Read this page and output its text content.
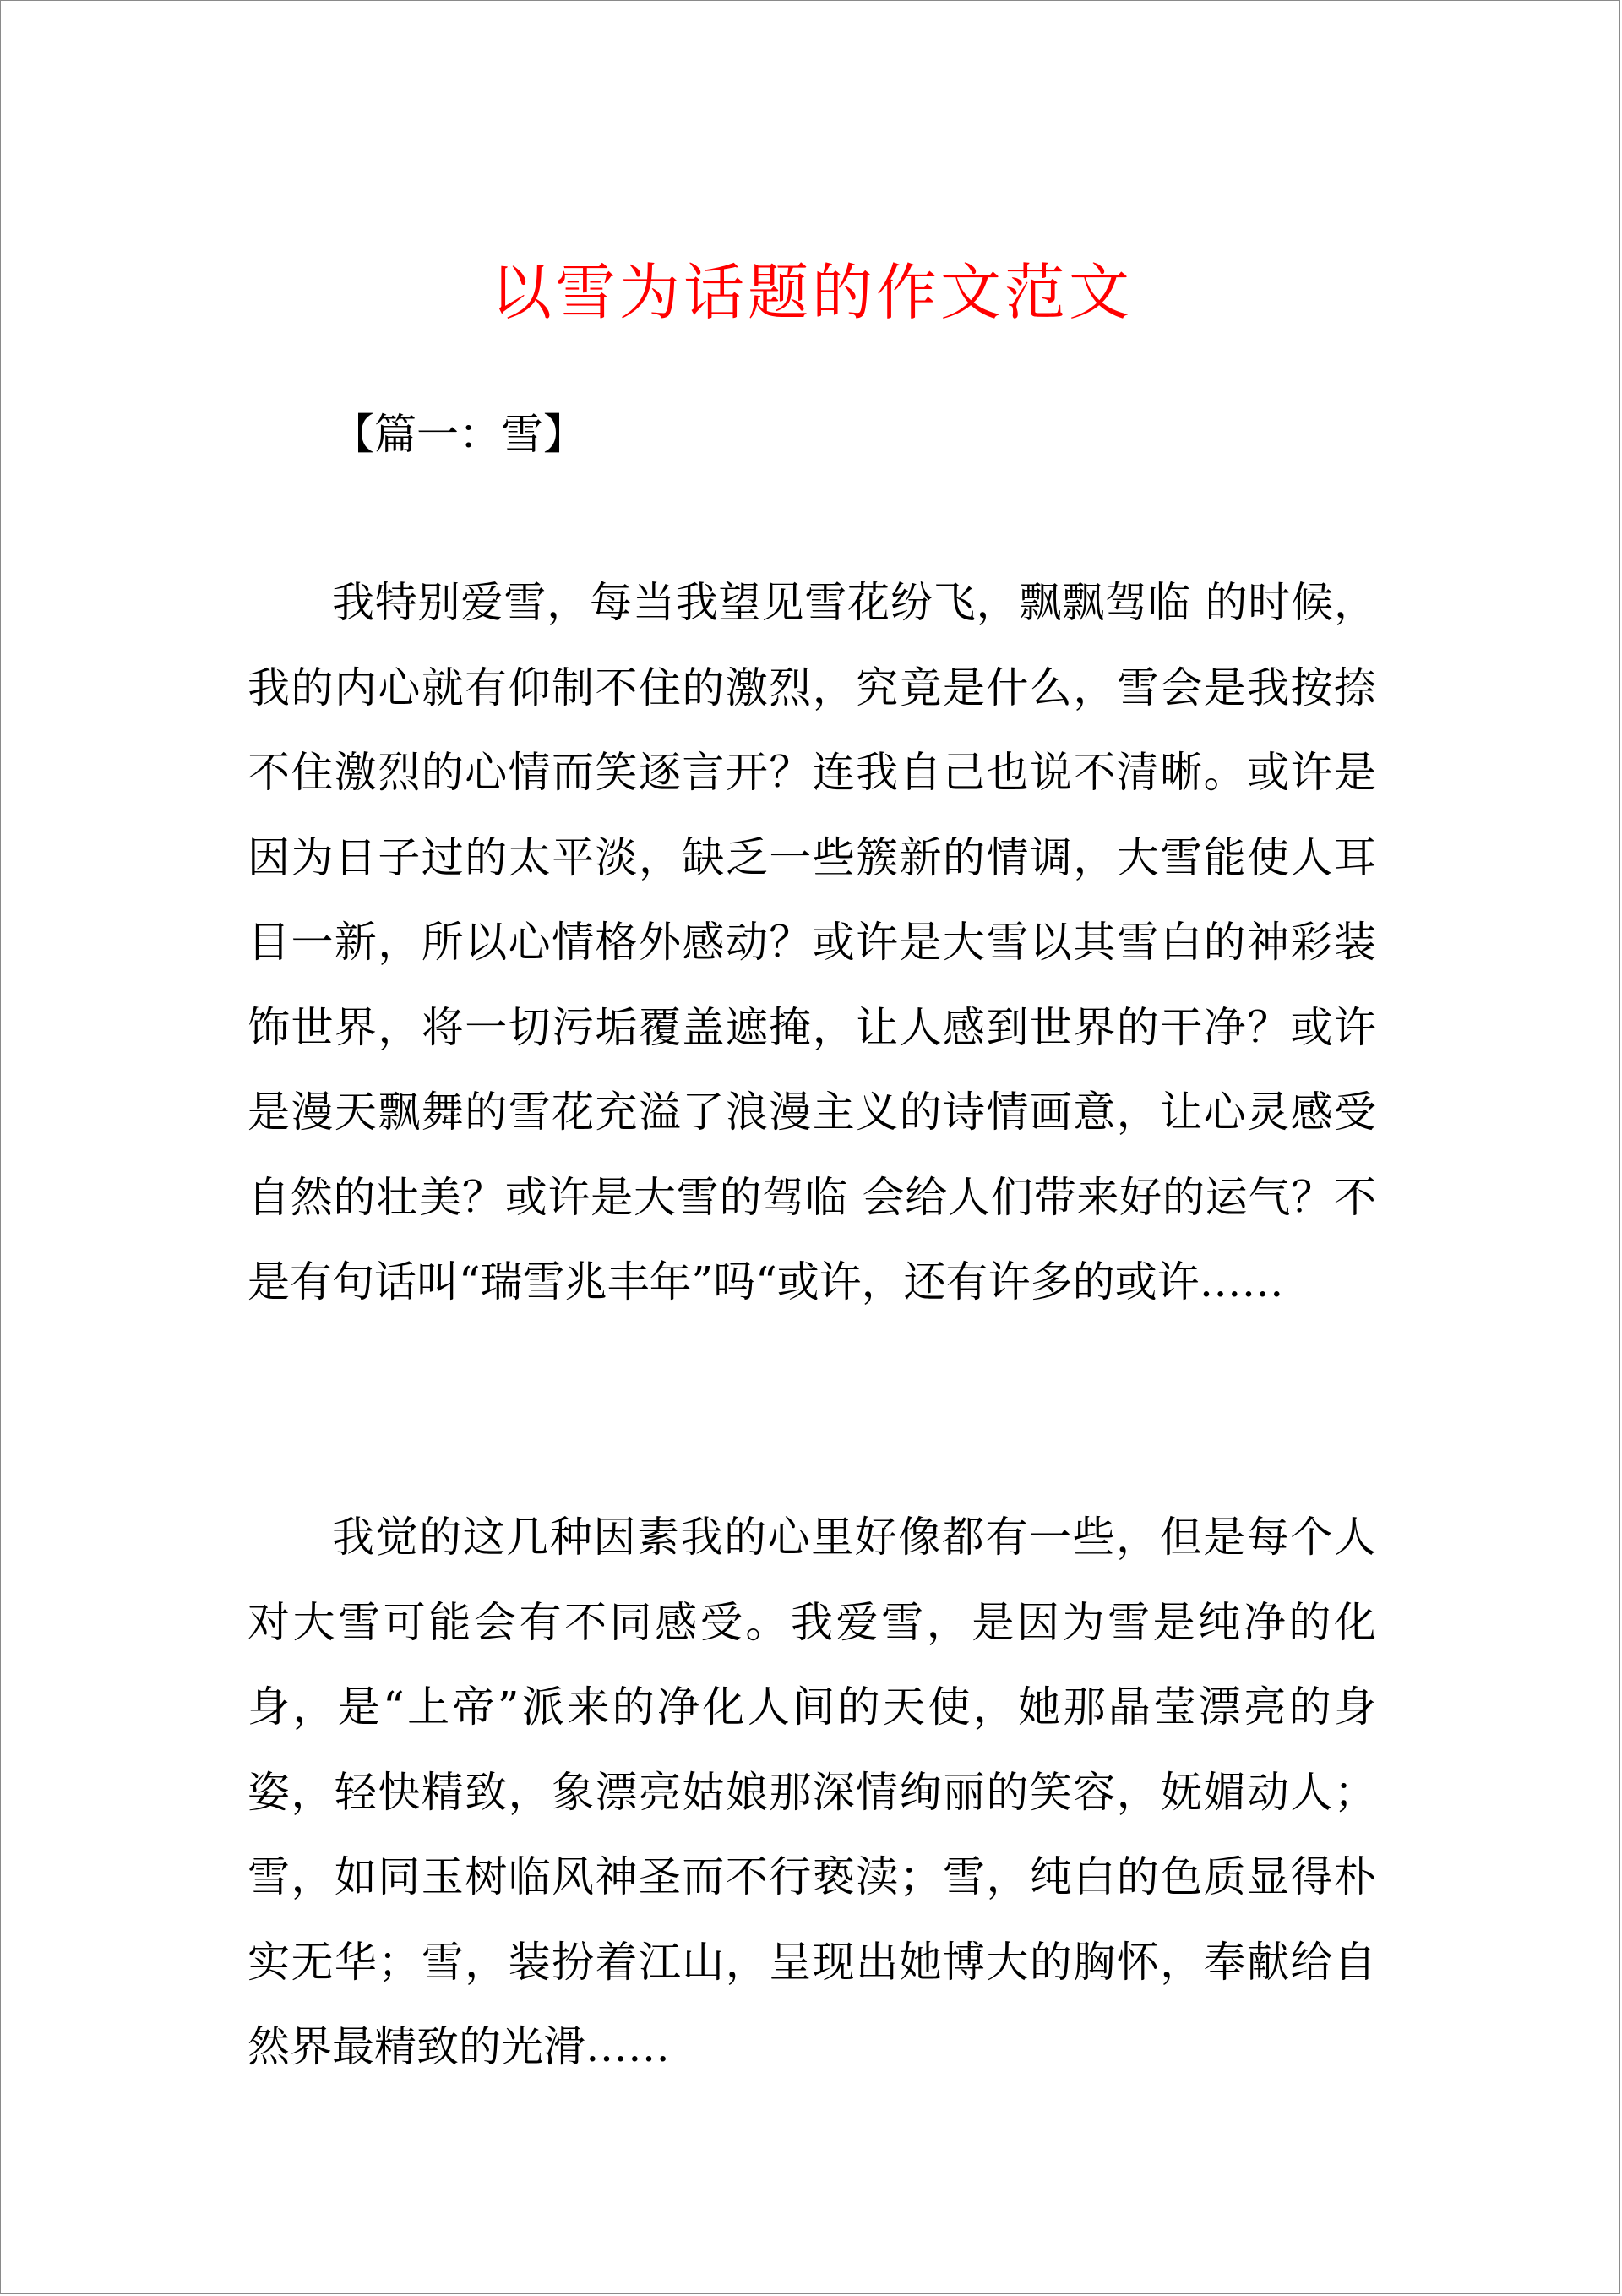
以雪为话题的作文范文

【篇一：雪】

我特别爱雪，每当我望见雪花纷飞，飘飘驾临 的时候，我的内心就有仰制不住的激烈，究竟是什么，雪会是我按捺不住激烈的心情而笑逐言开？连我自己也说不清晰。或许是因为日子过的太平淡，缺乏一些簇新的情调，大雪能使人耳目一新，所以心情格外感动？或许是大雪以其雪白的神彩装饰世界，将一切污垢覆盖遮掩，让人感到世界的干净？或许是漫天飘舞的雪花充溢了浪漫主义的诗情画意，让心灵感受自然的壮美？或许是大雪的驾临 会给人们带来好的运气？不是有句话叫“瑞雪兆丰年”吗“或许，还有许多的或许……

我觉的这几种因素我的心里好像都有一些，但是每个人对大雪可能会有不同感受。我爱雪，是因为雪是纯净的化身，是“上帝”派来的净化人间的天使，她那晶莹漂亮的身姿，轻快精致，象漂亮姑娘那深情绚丽的笑容，妩媚动人；雪，如同玉树临风神圣而不行亵渎；雪，纯白的色质显得朴实无华；雪，装扮着江山，呈现出她博大的胸怀，奉献给自然界最精致的光滑……
